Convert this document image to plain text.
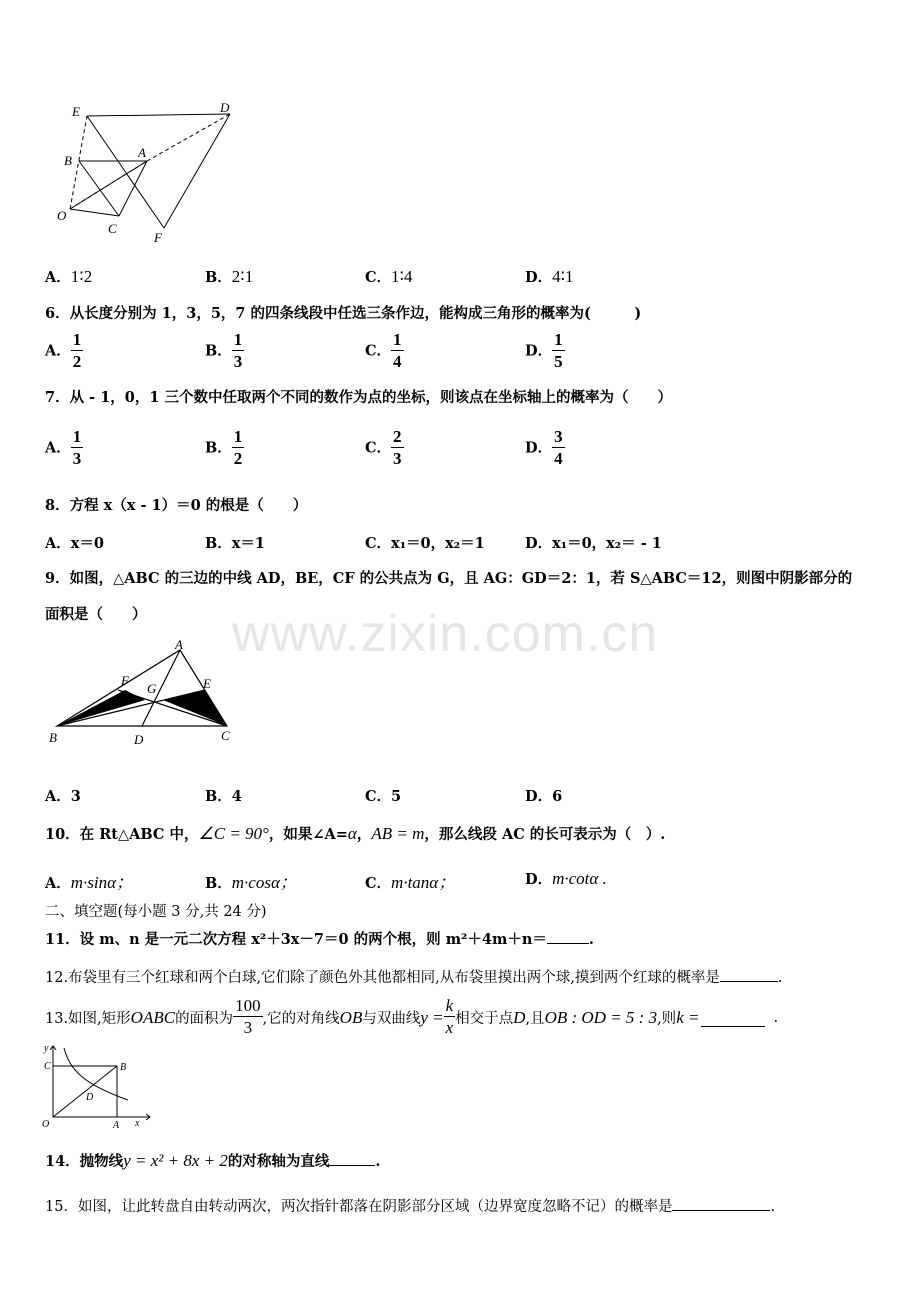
E	D
B
A
O
C
F
A．1∶2	B．2∶1	C．1∶4	D．4∶1
6．从长度分别为 1，3，5，7 的四条线段中任选三条作边，能构成三角形的概率为(　　　)
A． $\frac{1}{2}$	B． $\frac{1}{3}$	C． $\frac{1}{4}$	D． $\frac{1}{5}$
7．从 - 1，0，1 三个数中任取两个不同的数作为点的坐标，则该点在坐标轴上的概率为（　　）
A． $\frac{1}{3}$	B． $\frac{1}{2}$	C． $\frac{2}{3}$	D． $\frac{3}{4}$
8．方程 x（x - 1）＝0 的根是（　　）
A．x＝0	B．x＝1	C．x₁＝0，x₂＝1	D．x₁＝0，x₂＝ - 1
9．如图，△ABC 的三边的中线 AD，BE，CF 的公共点为 G，且 AG：GD＝2：1，若 S△ABC＝12，则图中阴影部分的
面积是（　　） www.zixin.com.cn
A
F
G	E
B	D	C
A．3	B．4	C．5	D．6
10．在 Rt△ABC 中，∠C = 90°，如果∠A=α，AB = m，那么线段 AC 的长可表示为（　）.
A．m·sinα；	B．m·cosα；	C．m·tanα；	D．m·cotα .
二、填空题(每小题 3 分,共 24 分)
11．设 m、n 是一元二次方程 x²＋3x－7＝0 的两个根，则 m²＋4m＋n＝	.
12.布袋里有三个红球和两个白球,它们除了颜色外其他都相同,从布袋里摸出两个球,摸到两个红球的概率是	.
13.如图,矩形 OABC 的面积为 $\frac{100}{3}$ ,它的对角线 OB 与双曲线 $y = \frac{k}{x}$ 相交于点 D ,且 OB : OD = 5 : 3 ,则 k =	.
y
C	B
D
O	A x
14．抛物线y = x² + 8x + 2的对称轴为直线	.
15．如图，让此转盘自由转动两次，两次指针都落在阴影部分区域（边界宽度忽略不记）的概率是	.
